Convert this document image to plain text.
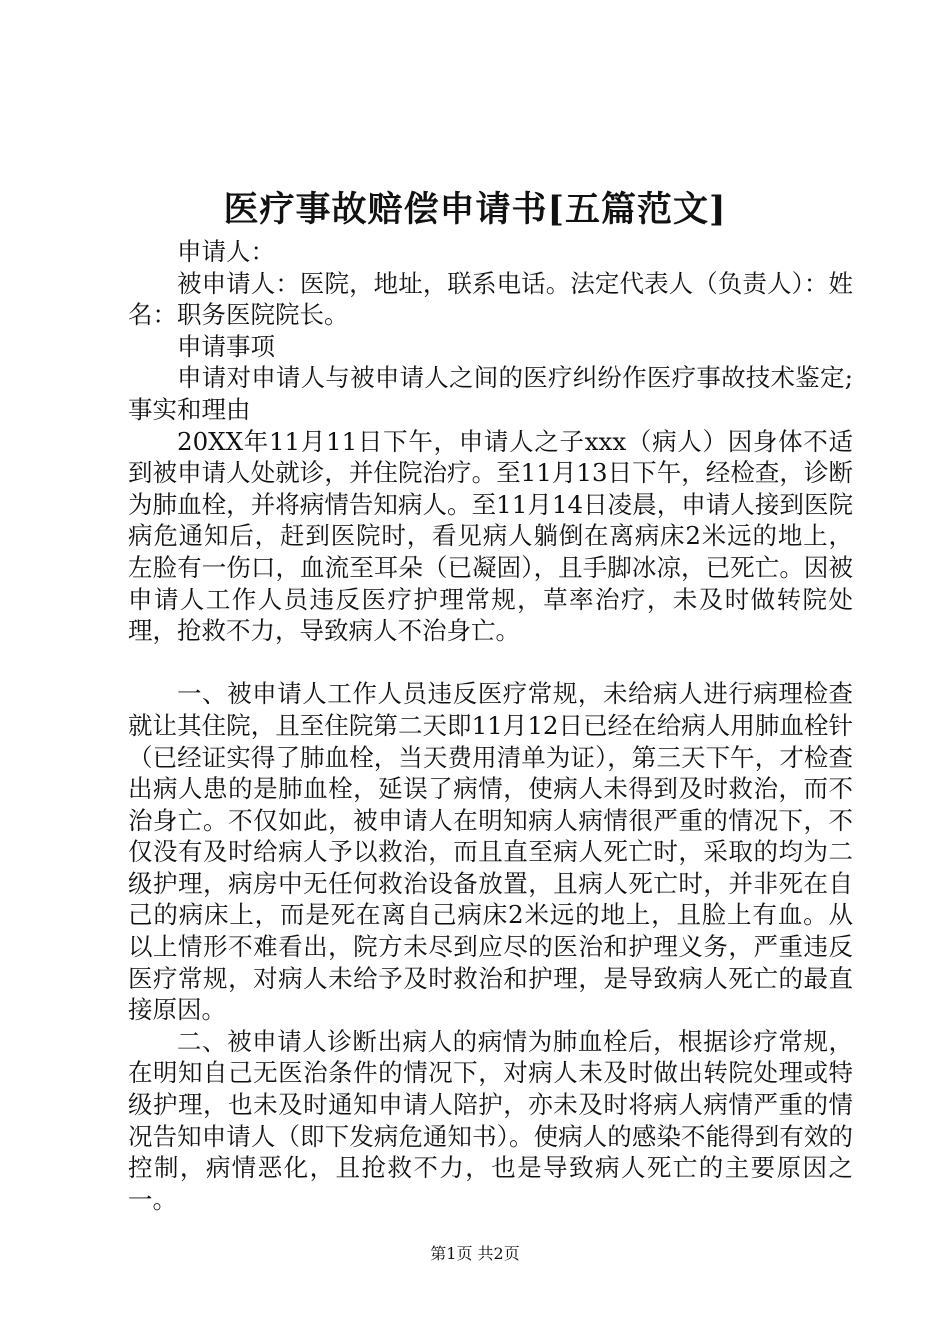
医疗事故赔偿申请书[五篇范文]

申请人：

被申请人：医院，地址，联系电话。法定代表人（负责人）：姓名：职务医院院长。

申请事项

申请对申请人与被申请人之间的医疗纠纷作医疗事故技术鉴定;事实和理由

20XX年11月11日下午，申请人之子xxx（病人）因身体不适到被申请人处就诊，并住院治疗。至11月13日下午，经检查，诊断为肺血栓，并将病情告知病人。至11月14日凌晨，申请人接到医院病危通知后，赶到医院时，看见病人躺倒在离病床2米远的地上，左脸有一伤口，血流至耳朵（已凝固），且手脚冰凉，已死亡。因被申请人工作人员违反医疗护理常规，草率治疗，未及时做转院处理，抢救不力，导致病人不治身亡。

一、被申请人工作人员违反医疗常规，未给病人进行病理检查就让其住院，且至住院第二天即11月12日已经在给病人用肺血栓针（已经证实得了肺血栓，当天费用清单为证），第三天下午，才检查出病人患的是肺血栓，延误了病情，使病人未得到及时救治，而不治身亡。不仅如此，被申请人在明知病人病情很严重的情况下，不仅没有及时给病人予以救治，而且直至病人死亡时，采取的均为二级护理，病房中无任何救治设备放置，且病人死亡时，并非死在自己的病床上，而是死在离自己病床2米远的地上，且脸上有血。从以上情形不难看出，院方未尽到应尽的医治和护理义务，严重违反医疗常规，对病人未给予及时救治和护理，是导致病人死亡的最直接原因。

二、被申请人诊断出病人的病情为肺血栓后，根据诊疗常规，在明知自己无医治条件的情况下，对病人未及时做出转院处理或特级护理，也未及时通知申请人陪护，亦未及时将病人病情严重的情况告知申请人（即下发病危通知书）。使病人的感染不能得到有效的控制，病情恶化，且抢救不力，也是导致病人死亡的主要原因之一。

第1页 共2页
